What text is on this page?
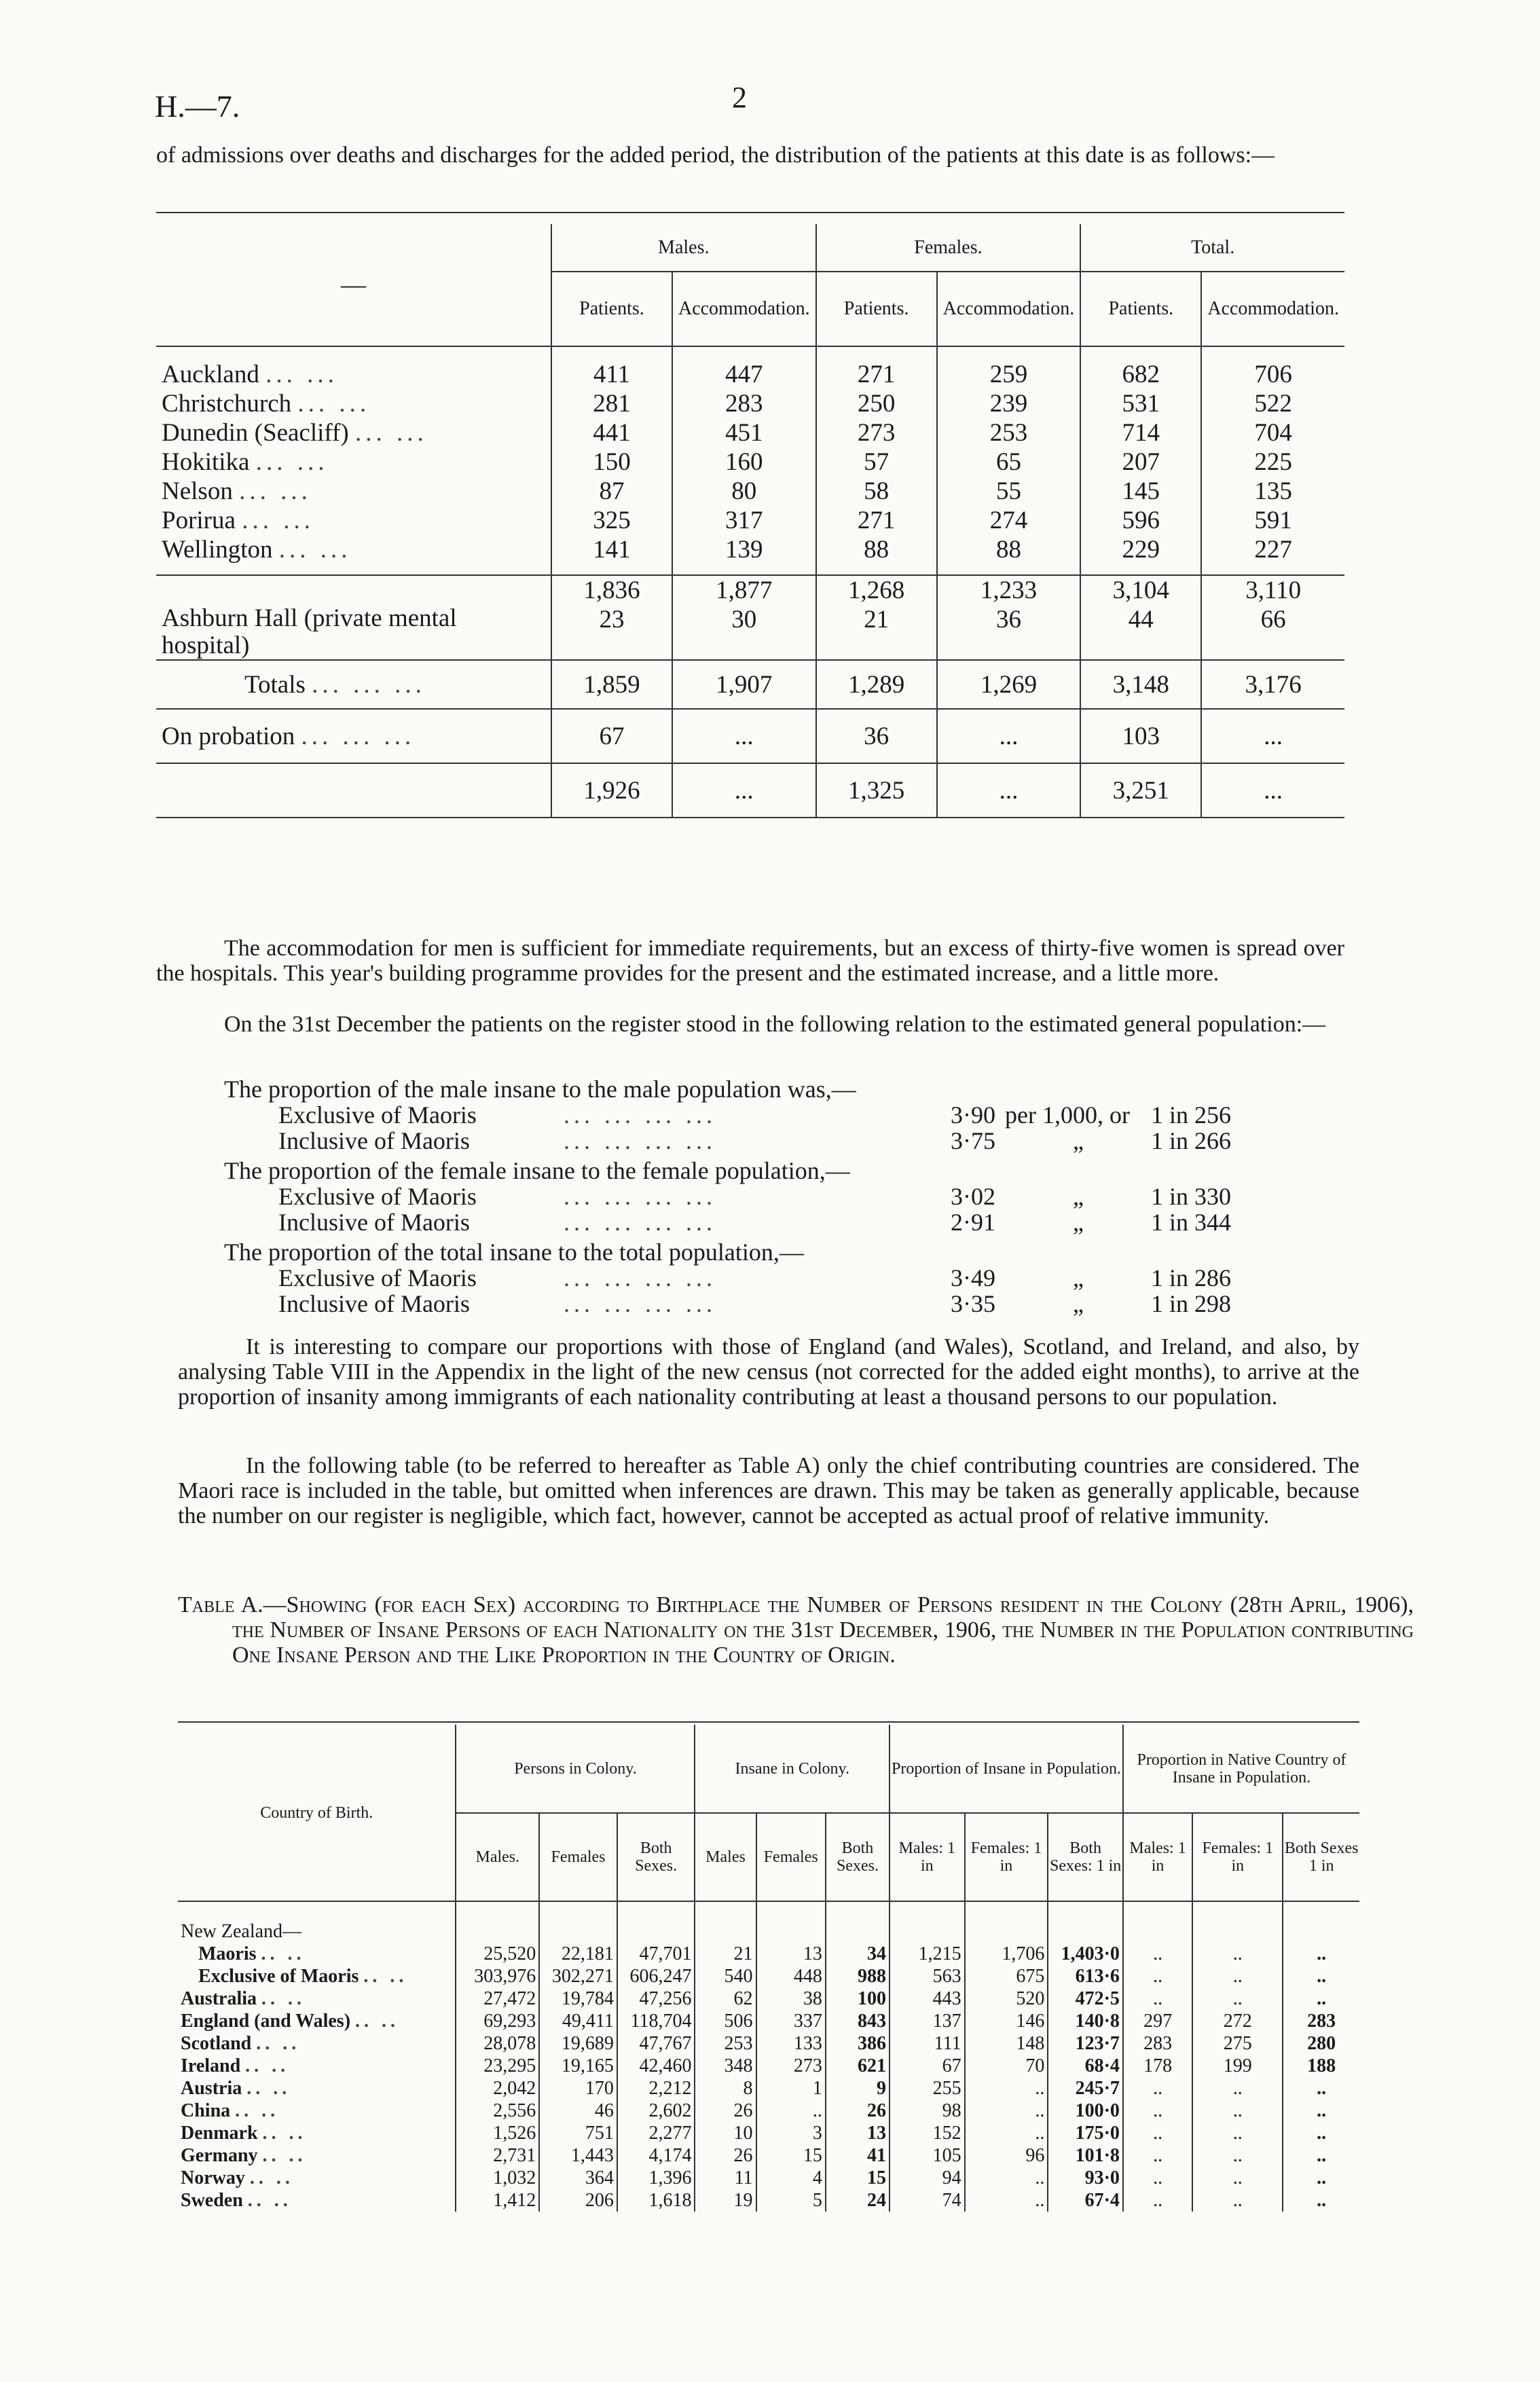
H.—7.	2
of admissions over deaths and discharges for the added period, the distribution of the patients at this date is as follows:—
—	Males.		Females.		Total.	
	Patients.	Accommodation.	Patients.	Accommodation.	Patients.	Accommodation.

Auckland ... ...	411	447	271	259	682	706
Christchurch ... ...	281	283	250	239	531	522
Dunedin (Seacliff) ... ...	441	451	273	253	714	704
Hokitika ... ...	150	160	57	65	207	225
Nelson ... ...	87	80	58	55	145	135
Porirua ... ...	325	317	271	274	596	591
Wellington ... ...	141	139	88	88	229	227

	1,836	1,877	1,268	1,233	3,104	3,110
Ashburn Hall (private mental hospital)	23	30	21	36	44	66
Totals ... ... ...	1,859	1,907	1,289	1,269	3,148	3,176
On probation ... ... ...	67	...	36	...	103	...
	1,926	...	1,325	...	3,251	...
The accommodation for men is sufficient for immediate requirements, but an excess of thirty-five women is spread over the hospitals. This year's building programme provides for the present and the estimated increase, and a little more.
On the 31st December the patients on the register stood in the following relation to the estimated general population:—
The proportion of the male insane to the male population was,—
Exclusive of Maoris	... ... ... ...	3·90 per 1,000, or 1 in 256
Inclusive of Maoris	... ... ... ...	3·75	„	1 in 266
The proportion of the female insane to the female population,—
Exclusive of Maoris	... ... ... ...	3·02	„	1 in 330
Inclusive of Maoris	... ... ... ...	2·91	„	1 in 344
The proportion of the total insane to the total population,—
Exclusive of Maoris	... ... ... ...	3·49	„	1 in 286
Inclusive of Maoris	... ... ... ...	3·35	„	1 in 298
It is interesting to compare our proportions with those of England (and Wales), Scotland, and Ireland, and also, by analysing Table VIII in the Appendix in the light of the new census (not corrected for the added eight months), to arrive at the proportion of insanity among immigrants of each nationality contributing at least a thousand persons to our population.
In the following table (to be referred to hereafter as Table A) only the chief contributing countries are considered. The Maori race is included in the table, but omitted when inferences are drawn. This may be taken as generally applicable, because the number on our register is negligible, which fact, however, cannot be accepted as actual proof of relative immunity.
Table A.—Showing (for each Sex) according to Birthplace the Number of Persons resident in the Colony (28th April, 1906), the Number of Insane Persons of each Nationality on the 31st December, 1906, the Number in the Population contributing One Insane Person and the Like Proportion in the Country of Origin.
Country of Birth.	Persons in Colony.			Insane in Colony.			Proportion of Insane in Population.			Proportion in Native Country of Insane in Population.		
	Males.	Females	Both Sexes.	Males	Females	Both Sexes.	Males: 1 in	Females: 1 in	Both Sexes: 1 in	Males: 1 in	Females: 1 in	Both Sexes 1 in

New Zealand—												
Maoris .. ..	25,520	22,181	47,701	21	13	34	1,215	1,706	1,403·0	..	..	..
Exclusive of Maoris .. ..	303,976	302,271	606,247	540	448	988	563	675	613·6	..	..	..
Australia .. ..	27,472	19,784	47,256	62	38	100	443	520	472·5	..	..	..
England (and Wales) .. ..	69,293	49,411	118,704	506	337	843	137	146	140·8	297	272	283
Scotland .. ..	28,078	19,689	47,767	253	133	386	111	148	123·7	283	275	280
Ireland .. ..	23,295	19,165	42,460	348	273	621	67	70	68·4	178	199	188
Austria .. ..	2,042	170	2,212	8	1	9	255	..	245·7	..	..	..
China .. ..	2,556	46	2,602	26	..	26	98	..	100·0	..	..	..
Denmark .. ..	1,526	751	2,277	10	3	13	152	..	175·0	..	..	..
Germany .. ..	2,731	1,443	4,174	26	15	41	105	96	101·8	..	..	..
Norway .. ..	1,032	364	1,396	11	4	15	94	..	93·0	..	..	..
Sweden .. ..	1,412	206	1,618	19	5	24	74	..	67·4	..	..	..
